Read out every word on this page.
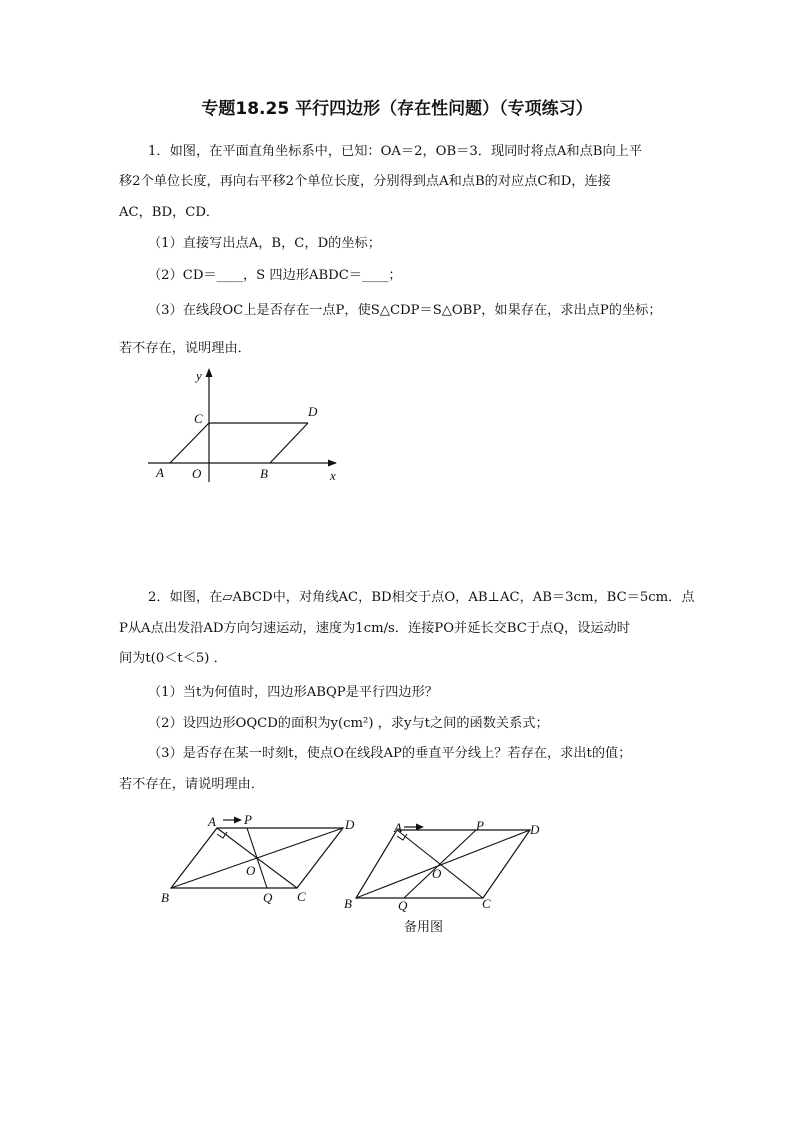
专题18.25 平行四边形（存在性问题）（专项练习）
1．如图，在平面直角坐标系中，已知：OA＝2，OB＝3．现同时将点A和点B向上平
移2个单位长度，再向右平移2个单位长度，分别得到点A和点B的对应点C和D，连接
AC，BD，CD．
（1）直接写出点A，B，C，D的坐标；
（2）CD＝____，S 四边形ABDC＝____；
（3）在线段OC上是否存在一点P，使S△CDP＝S△OBP，如果存在，求出点P的坐标；
若不存在，说明理由．
y
C	D
A O	B	x
2．如图，在▱ABCD中，对角线AC，BD相交于点O，AB⊥AC，AB＝3cm，BC＝5cm．点
P从A点出发沿AD方向匀速运动，速度为1cm/s．连接PO并延长交BC于点Q，设运动时
间为t(0＜t＜5) ．
（1）当t为何值时，四边形ABQP是平行四边形？
（2）设四边形OQCD的面积为y(cm²) ，求y与t之间的函数关系式；
（3）是否存在某一时刻t，使点O在线段AP的垂直平分线上？若存在，求出t的值；
若不存在，请说明理由．
A P	D
O
B	Q C
A	P	D
O
B	Q	C
备用图
